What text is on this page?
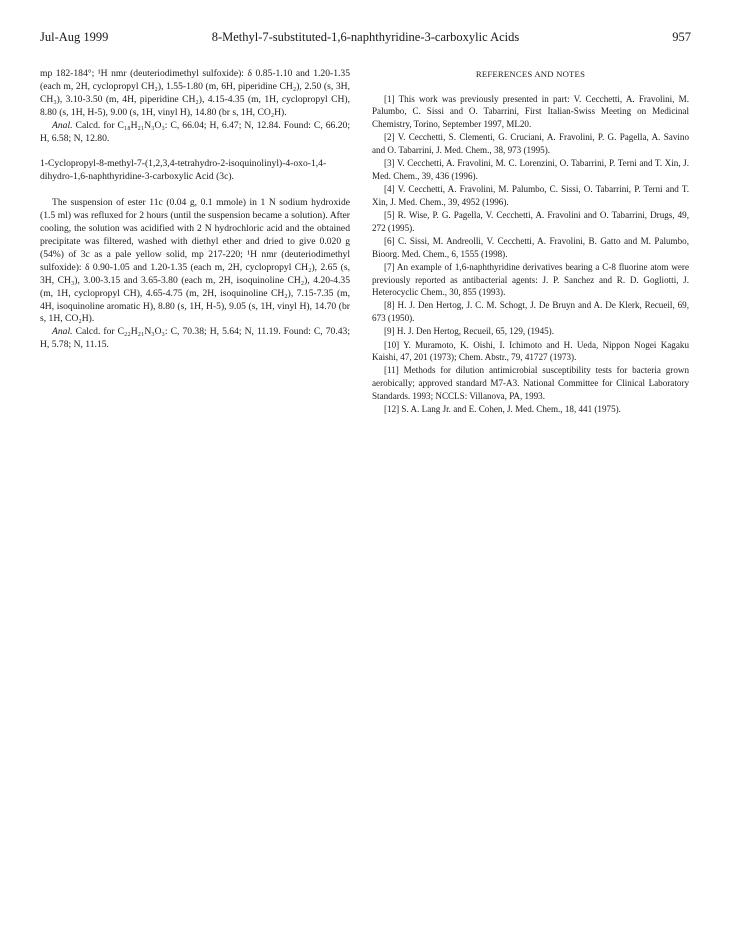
Jul-Aug 1999	8-Methyl-7-substituted-1,6-naphthyridine-3-carboxylic Acids	957

mp 182-184°; ¹H nmr (deuteriodimethyl sulfoxide): δ 0.85-1.10 and 1.20-1.35 (each m, 2H, cyclopropyl CH₂), 1.55-1.80 (m, 6H, piperidine CH₂), 2.50 (s, 3H, CH₃), 3.10-3.50 (m, 4H, piperidine CH₂), 4.15-4.35 (m, 1H, cyclopropyl CH), 8.80 (s, 1H, H-5), 9.00 (s, 1H, vinyl H), 14.80 (br s, 1H, CO₂H).

Anal. Calcd. for C₁₈H₂₁N₃O₃: C, 66.04; H, 6.47; N, 12.84. Found: C, 66.20; H, 6.58; N, 12.80.

1-Cyclopropyl-8-methyl-7-(1,2,3,4-tetrahydro-2-isoquinolinyl)-4-oxo-1,4-dihydro-1,6-naphthyridine-3-carboxylic Acid (3c).

The suspension of ester 11c (0.04 g, 0.1 mmole) in 1 N sodium hydroxide (1.5 ml) was refluxed for 2 hours (until the suspension became a solution). After cooling, the solution was acidified with 2 N hydrochloric acid and the obtained precipitate was filtered, washed with diethyl ether and dried to give 0.020 g (54%) of 3c as a pale yellow solid, mp 217-220; ¹H nmr (deuteriodimethyl sulfoxide): δ 0.90-1.05 and 1.20-1.35 (each m, 2H, cyclopropyl CH₂), 2.65 (s, 3H, CH₃), 3.00-3.15 and 3.65-3.80 (each m, 2H, isoquinoline CH₂), 4.20-4.35 (m, 1H, cyclopropyl CH), 4.65-4.75 (m, 2H, isoquinoline CH₂), 7.15-7.35 (m, 4H, isoquinoline aromatic H), 8.80 (s, 1H, H-5), 9.05 (s, 1H, vinyl H), 14.70 (br s, 1H, CO₂H).

Anal. Calcd. for C₂₂H₂₁N₃O₃: C, 70.38; H, 5.64; N, 11.19. Found: C, 70.43; H, 5.78; N, 11.15.

REFERENCES AND NOTES

[1] This work was previously presented in part: V. Cecchetti, A. Fravolini, M. Palumbo, C. Sissi and O. Tabarrini, First Italian-Swiss Meeting on Medicinal Chemistry, Torino, September 1997, ML20.

[2] V. Cecchetti, S. Clementi, G. Cruciani, A. Fravolini, P. G. Pagella, A. Savino and O. Tabarrini, J. Med. Chem., 38, 973 (1995).

[3] V. Cecchetti, A. Fravolini, M. C. Lorenzini, O. Tabarrini, P. Terni and T. Xin, J. Med. Chem., 39, 436 (1996).

[4] V. Cecchetti, A. Fravolini, M. Palumbo, C. Sissi, O. Tabarrini, P. Terni and T. Xin, J. Med. Chem., 39, 4952 (1996).

[5] R. Wise, P. G. Pagella, V. Cecchetti, A. Fravolini and O. Tabarrini, Drugs, 49, 272 (1995).

[6] C. Sissi, M. Andreolli, V. Cecchetti, A. Fravolini, B. Gatto and M. Palumbo, Bioorg. Med. Chem., 6, 1555 (1998).

[7] An example of 1,6-naphthyridine derivatives bearing a C-8 fluorine atom were previously reported as antibacterial agents: J. P. Sanchez and R. D. Gogliotti, J. Heterocyclic Chem., 30, 855 (1993).

[8] H. J. Den Hertog, J. C. M. Schogt, J. De Bruyn and A. De Klerk, Recueil, 69, 673 (1950).

[9] H. J. Den Hertog, Recueil, 65, 129, (1945).

[10] Y. Muramoto, K. Oishi, I. Ichimoto and H. Ueda, Nippon Nogei Kagaku Kaishi, 47, 201 (1973); Chem. Abstr., 79, 41727 (1973).

[11] Methods for dilution antimicrobial susceptibility tests for bacteria grown aerobically; approved standard M7-A3. National Committee for Clinical Laboratory Standards. 1993; NCCLS: Villanova, PA, 1993.

[12] S. A. Lang Jr. and E. Cohen, J. Med. Chem., 18, 441 (1975).
